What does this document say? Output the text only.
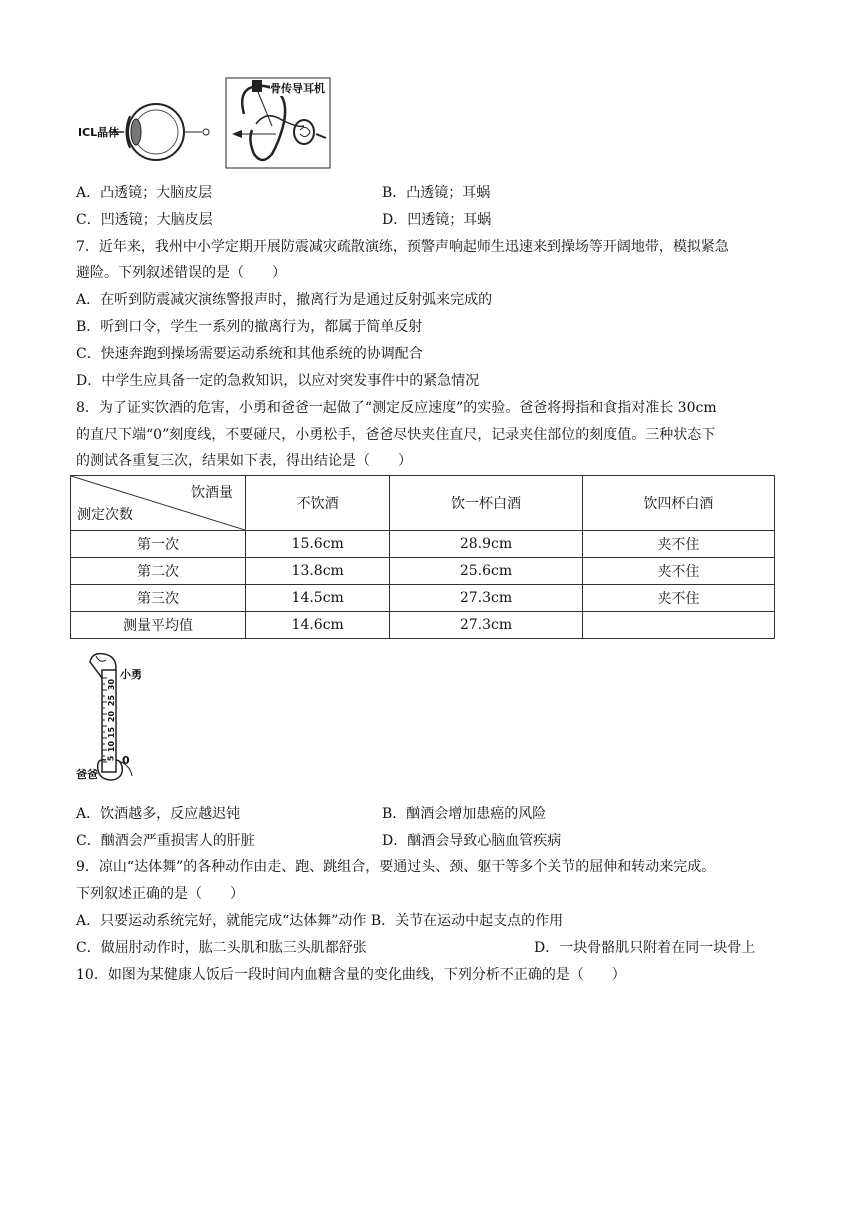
ICL晶体
骨传导耳机
A．凸透镜；大脑皮层	B．凸透镜；耳蜗
C．凹透镜；大脑皮层	D．凹透镜；耳蜗
7．近年来，我州中小学定期开展防震减灾疏散演练，预警声响起师生迅速来到操场等开阔地带，模拟紧急
避险。下列叙述错误的是（　　）
A．在听到防震减灾演练警报声时，撤离行为是通过反射弧来完成的
B．听到口令，学生一系列的撤离行为，都属于简单反射
C．快速奔跑到操场需要运动系统和其他系统的协调配合
D．中学生应具备一定的急救知识，以应对突发事件中的紧急情况
8．为了证实饮酒的危害，小勇和爸爸一起做了“测定反应速度”的实验。爸爸将拇指和食指对准长 30cm
的直尺下端“0”刻度线，不要碰尺，小勇松手，爸爸尽快夹住直尺，记录夹住部位的刻度值。三种状态下
的测试各重复三次，结果如下表，得出结论是（　　）
饮酒量
测定次数	不饮酒	饮一杯白酒	饮四杯白酒
第一次	15.6cm	28.9cm	夹不住
第二次	13.8cm	25.6cm	夹不住
第三次	14.5cm	27.3cm	夹不住
测量平均值	14.6cm	27.3cm	
30
25
20
15
10
5
小勇
0
爸爸
A．饮酒越多，反应越迟钝	B．酗酒会增加患癌的风险
C．酗酒会严重损害人的肝脏	D．酗酒会导致心脑血管疾病
9．凉山“达体舞”的各种动作由走、跑、跳组合，要通过头、颈、躯干等多个关节的屈伸和转动来完成。
下列叙述正确的是（　　）
A．只要运动系统完好，就能完成“达体舞”动作 B．关节在运动中起支点的作用
C．做屈肘动作时，肱二头肌和肱三头肌都舒张	D．一块骨骼肌只附着在同一块骨上
10．如图为某健康人饭后一段时间内血糖含量的变化曲线，下列分析不正确的是（　　）
